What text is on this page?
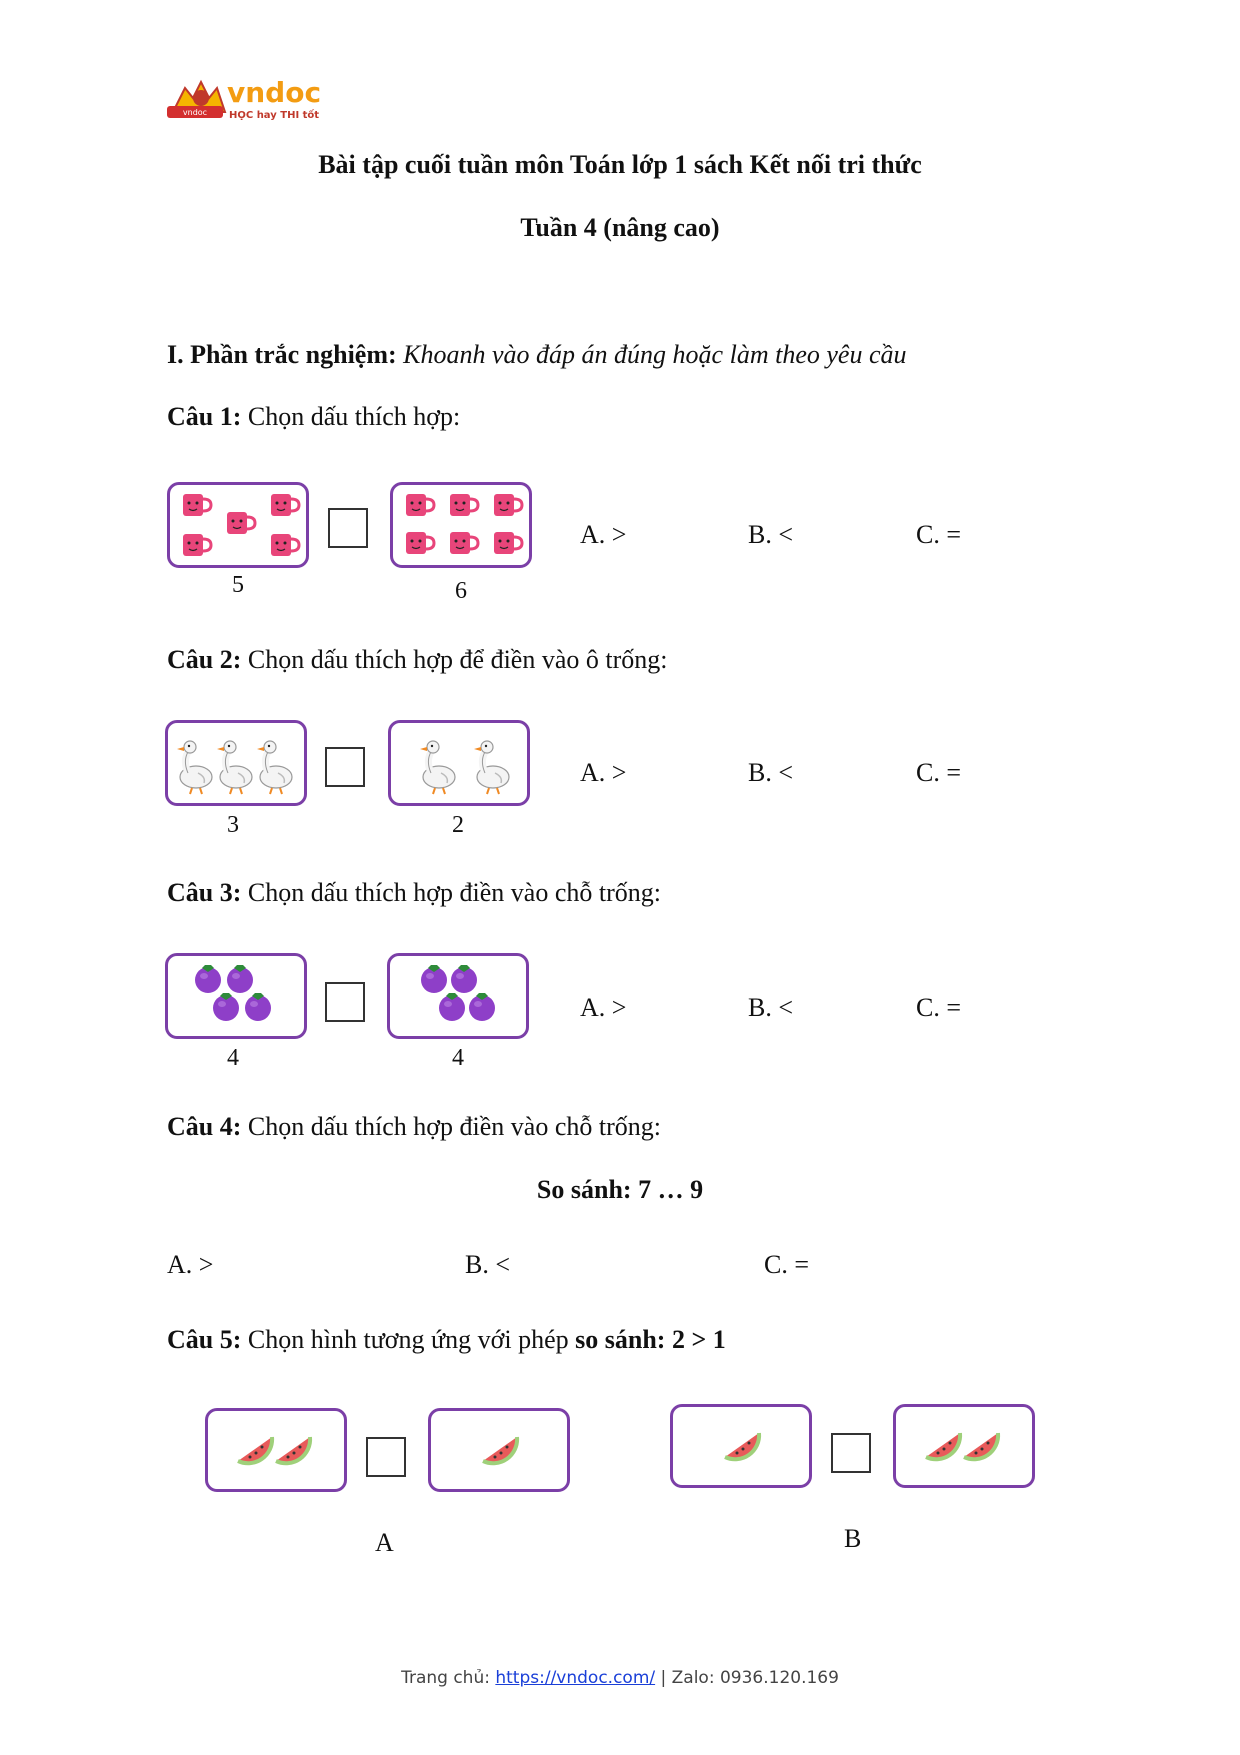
vndoc
vndoc
HỌC hay THI tốt
Bài tập cuối tuần môn Toán lớp 1 sách Kết nối tri thức
Tuần 4 (nâng cao)
I. Phần trắc nghiệm: Khoanh vào đáp án đúng hoặc làm theo yêu cầu
Câu 1: Chọn dấu thích hợp:
5	6
A. >	B. <	C. =
Câu 2: Chọn dấu thích hợp để điền vào ô trống:
3	2
A. >	B. <	C. =
Câu 3: Chọn dấu thích hợp điền vào chỗ trống:
4	4
A. >	B. <	C. =
Câu 4: Chọn dấu thích hợp điền vào chỗ trống:
So sánh: 7 … 9
A. >	B. <	C. =
Câu 5: Chọn hình tương ứng với phép so sánh: 2 > 1
A	B
Trang chủ: https://vndoc.com/ | Zalo: 0936.120.169
